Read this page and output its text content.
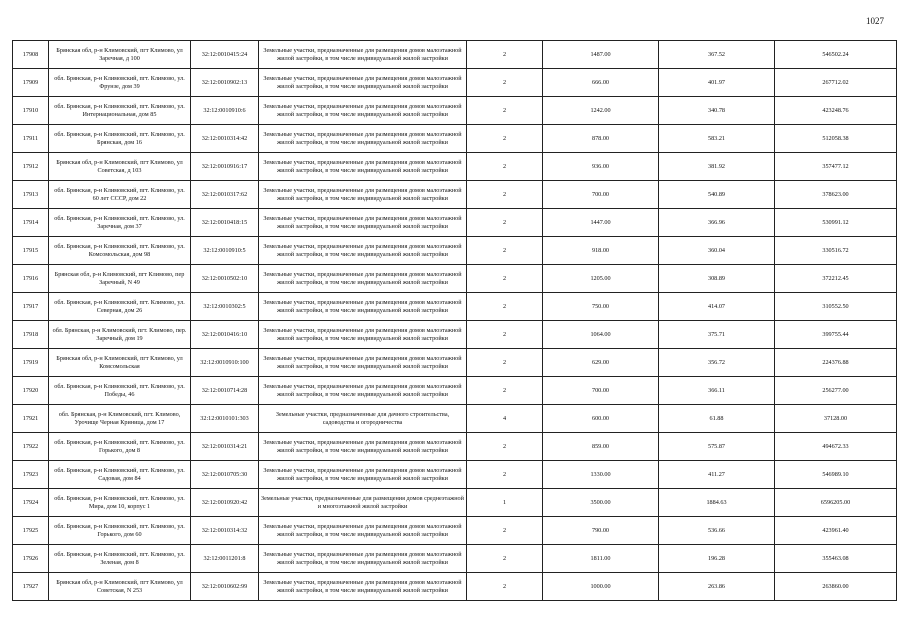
1027
17908	Брянская обл, р-н Климовский, пгт Климово, ул Заречная, д 100	32:12:0010415:24	Земельные участки, предназначенные для размещения домов малоэтажной жилой застройки, в том числе индивидуальной жилой застройки	2	1487.00	367.52	546502.24
17909	обл. Брянская, р-н Климовский, пгт. Климово, ул. Фрунзе, дом 39	32:12:0010902:13	Земельные участки, предназначенные для размещения домов малоэтажной жилой застройки, в том числе индивидуальной жилой застройки	2	666.00	401.97	267712.02
17910	обл. Брянская, р-н Климовский, пгт. Климово, ул. Интернациональная, дом 85	32:12:0010910:6	Земельные участки, предназначенные для размещения домов малоэтажной жилой застройки, в том числе индивидуальной жилой застройки	2	1242.00	340.78	423248.76
17911	обл. Брянская, р-н Климовский, пгт. Климово, ул. Брянская, дом 16	32:12:0010314:42	Земельные участки, предназначенные для размещения домов малоэтажной жилой застройки, в том числе индивидуальной жилой застройки	2	878.00	583.21	512058.38
17912	Брянская обл, р-н Климовский, пгт Климово, ул Советская, д 103	32:12:0010916:17	Земельные участки, предназначенные для размещения домов малоэтажной жилой застройки, в том числе индивидуальной жилой застройки	2	936.00	381.92	357477.12
17913	обл. Брянская, р-н Климовский, пгт. Климово, ул. 60 лет СССР, дом 22	32:12:0010317:62	Земельные участки, предназначенные для размещения домов малоэтажной жилой застройки, в том числе индивидуальной жилой застройки	2	700.00	540.89	378623.00
17914	обл. Брянская, р-н Климовский, пгт. Климово, ул. Заречная, дом 37	32:12:0010418:15	Земельные участки, предназначенные для размещения домов малоэтажной жилой застройки, в том числе индивидуальной жилой застройки	2	1447.00	366.96	530991.12
17915	обл. Брянская, р-н Климовский, пгт. Климово, ул. Комсомольская, дом 98	32:12:0010910:5	Земельные участки, предназначенные для размещения домов малоэтажной жилой застройки, в том числе индивидуальной жилой застройки	2	918.00	360.04	330516.72
17916	Брянская обл, р-н Климовский, пгт Климово, пер Заречный, N 49	32:12:0010502:10	Земельные участки, предназначенные для размещения домов малоэтажной жилой застройки, в том числе индивидуальной жилой застройки	2	1205.00	308.89	372212.45
17917	обл. Брянская, р-н Климовский, пгт. Климово, ул. Северная, дом 26	32:12:0010302:5	Земельные участки, предназначенные для размещения домов малоэтажной жилой застройки, в том числе индивидуальной жилой застройки	2	750.00	414.07	310552.50
17918	обл. Брянская, р-н Климовский, пгт. Климово, пер. Заречный, дом 19	32:12:0010416:10	Земельные участки, предназначенные для размещения домов малоэтажной жилой застройки, в том числе индивидуальной жилой застройки	2	1064.00	375.71	399755.44
17919	Брянская обл, р-н Климовский, пгт Климово, ул Комсомольская	32:12:0010910:100	Земельные участки, предназначенные для размещения домов малоэтажной жилой застройки, в том числе индивидуальной жилой застройки	2	629.00	356.72	224376.88
17920	обл. Брянская, р-н Климовский, пгт. Климово, ул. Победы, 46	32:12:0010714:28	Земельные участки, предназначенные для размещения домов малоэтажной жилой застройки, в том числе индивидуальной жилой застройки	2	700.00	366.11	256277.00
17921	обл. Брянская, р-н Климовский, пгт. Климово, Урочище Черная Криница, дом 17	32:12:0010101:303	Земельные участки, предназначенные для дачного строительства, садоводства и огородничества	4	600.00	61.88	37128.00
17922	обл. Брянская, р-н Климовский, пгт. Климово, ул. Горького, дом 8	32:12:0010314:21	Земельные участки, предназначенные для размещения домов малоэтажной жилой застройки, в том числе индивидуальной жилой застройки	2	859.00	575.87	494672.33
17923	обл. Брянская, р-н Климовский, пгт. Климово, ул. Садовая, дом 84	32:12:0010705:30	Земельные участки, предназначенные для размещения домов малоэтажной жилой застройки, в том числе индивидуальной жилой застройки	2	1330.00	411.27	546989.10
17924	обл. Брянская, р-н Климовский, пгт. Климово, ул. Мира, дом 10, корпус 1	32:12:0010920:42	Земельные участки, предназначенные для размещения домов среднеэтажной и многоэтажной жилой застройки	1	3500.00	1884.63	6596205.00
17925	обл. Брянская, р-н Климовский, пгт. Климово, ул. Горького, дом 60	32:12:0010314:32	Земельные участки, предназначенные для размещения домов малоэтажной жилой застройки, в том числе индивидуальной жилой застройки	2	790.00	536.66	423961.40
17926	обл. Брянская, р-н Климовский, пгт. Климово, ул. Зеленая, дом 8	32:12:0011201:8	Земельные участки, предназначенные для размещения домов малоэтажной жилой застройки, в том числе индивидуальной жилой застройки	2	1811.00	196.28	355463.08
17927	Брянская обл, р-н Климовский, пгт Климово, ул Советская, N 253	32:12:0010602:99	Земельные участки, предназначенные для размещения домов малоэтажной жилой застройки, в том числе индивидуальной жилой застройки	2	1000.00	263.86	263860.00
